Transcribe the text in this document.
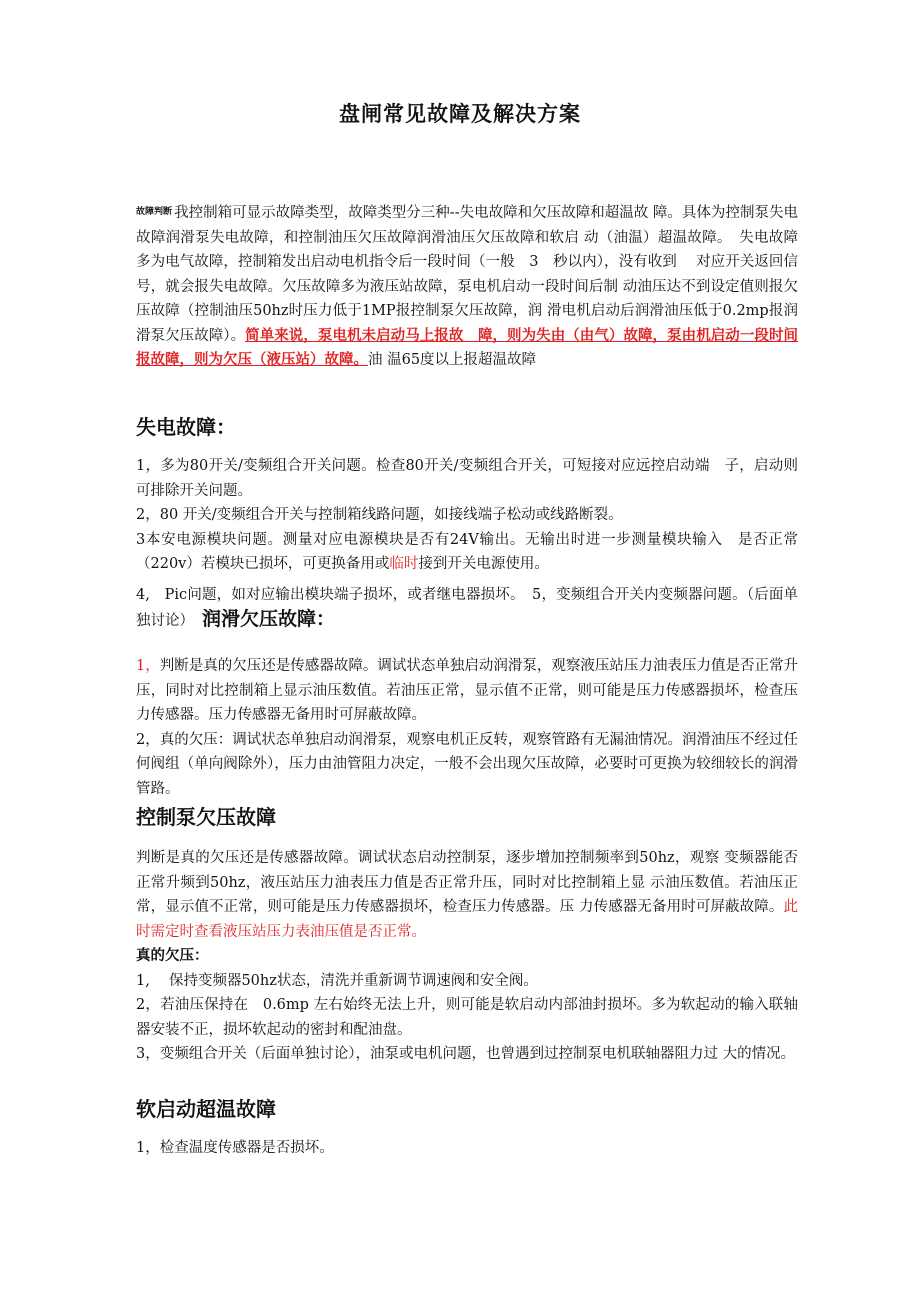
盘闸常见故障及解决方案

$^{故障判断}$ 我控制箱可显示故障类型，故障类型分三种--失电故障和欠压故障和超温故 障。具体为控制泵失电故障润滑泵失电故障，和控制油压欠压故障润滑油压欠压故障和软启 动（油温）超温故障。　失电故障多为电气故障，控制箱发出启动电机指令后一段时间（一般　3　秒以内），没有收到　 对应开关返回信号，就会报失电故障。欠压故障多为液压站故障，泵电机启动一段时间后制 动油压达不到设定值则报欠压故障（控制油压50hz时压力低于1MP报控制泵欠压故障，润 滑电机启动后润滑油压低于0.2mp报润滑泵欠压故障）。简单来说，泵电机未启动马上报故　障，则为失由（由气）故障，泵由机启动一段时间报故障，则为欠压（液压站）故障。油 温65度以上报超温故障

失电故障：

1，多为80开关/变频组合开关问题。检查80开关/变频组合开关，可短接对应远控启动端　子，启动则可排除开关问题。

2，80 开关/变频组合开关与控制箱线路问题，如接线端子松动或线路断裂。

3本安电源模块问题。测量对应电源模块是否有24V输出。无输出时进一步测量模块输入　是否正常（220v）若模块已损坏，可更换备用或临时接到开关电源使用。

4,　Pic问题，如对应输出模块端子损坏，或者继电器损坏。　5，变频组合开关内变频器问题。（后面单独讨论） 润滑欠压故障：

1，判断是真的欠压还是传感器故障。调试状态单独启动润滑泵，观察液压站压力油表压力值是否正常升压，同时对比控制箱上显示油压数值。若油压正常，显示值不正常，则可能是压力传感器损坏，检查压力传感器。压力传感器无备用时可屏蔽故障。

2，真的欠压：调试状态单独启动润滑泵，观察电机正反转，观察管路有无漏油情况。润滑油压不经过任何阀组（单向阀除外），压力由油管阻力决定，一般不会出现欠压故障，必要时可更换为较细较长的润滑管路。

控制泵欠压故障

判断是真的欠压还是传感器故障。调试状态启动控制泵，逐步增加控制频率到50hz，观察 变频器能否正常升频到50hz，液压站压力油表压力值是否正常升压，同时对比控制箱上显 示油压数值。若油压正常，显示值不正常，则可能是压力传感器损坏，检查压力传感器。压 力传感器无备用时可屏蔽故障。此时需定时查看液压站压力表油压值是否正常。

真的欠压：

1,　 保持变频器50hz状态，清洗并重新调节调速阀和安全阀。

2，若油压保持在　0.6mp 左右始终无法上升，则可能是软启动内部油封损坏。多为软起动的输入联轴器安装不正，损坏软起动的密封和配油盘。

3，变频组合开关（后面单独讨论），油泵或电机问题，也曾遇到过控制泵电机联轴器阻力过 大的情况。

软启动超温故障

1，检查温度传感器是否损坏。
